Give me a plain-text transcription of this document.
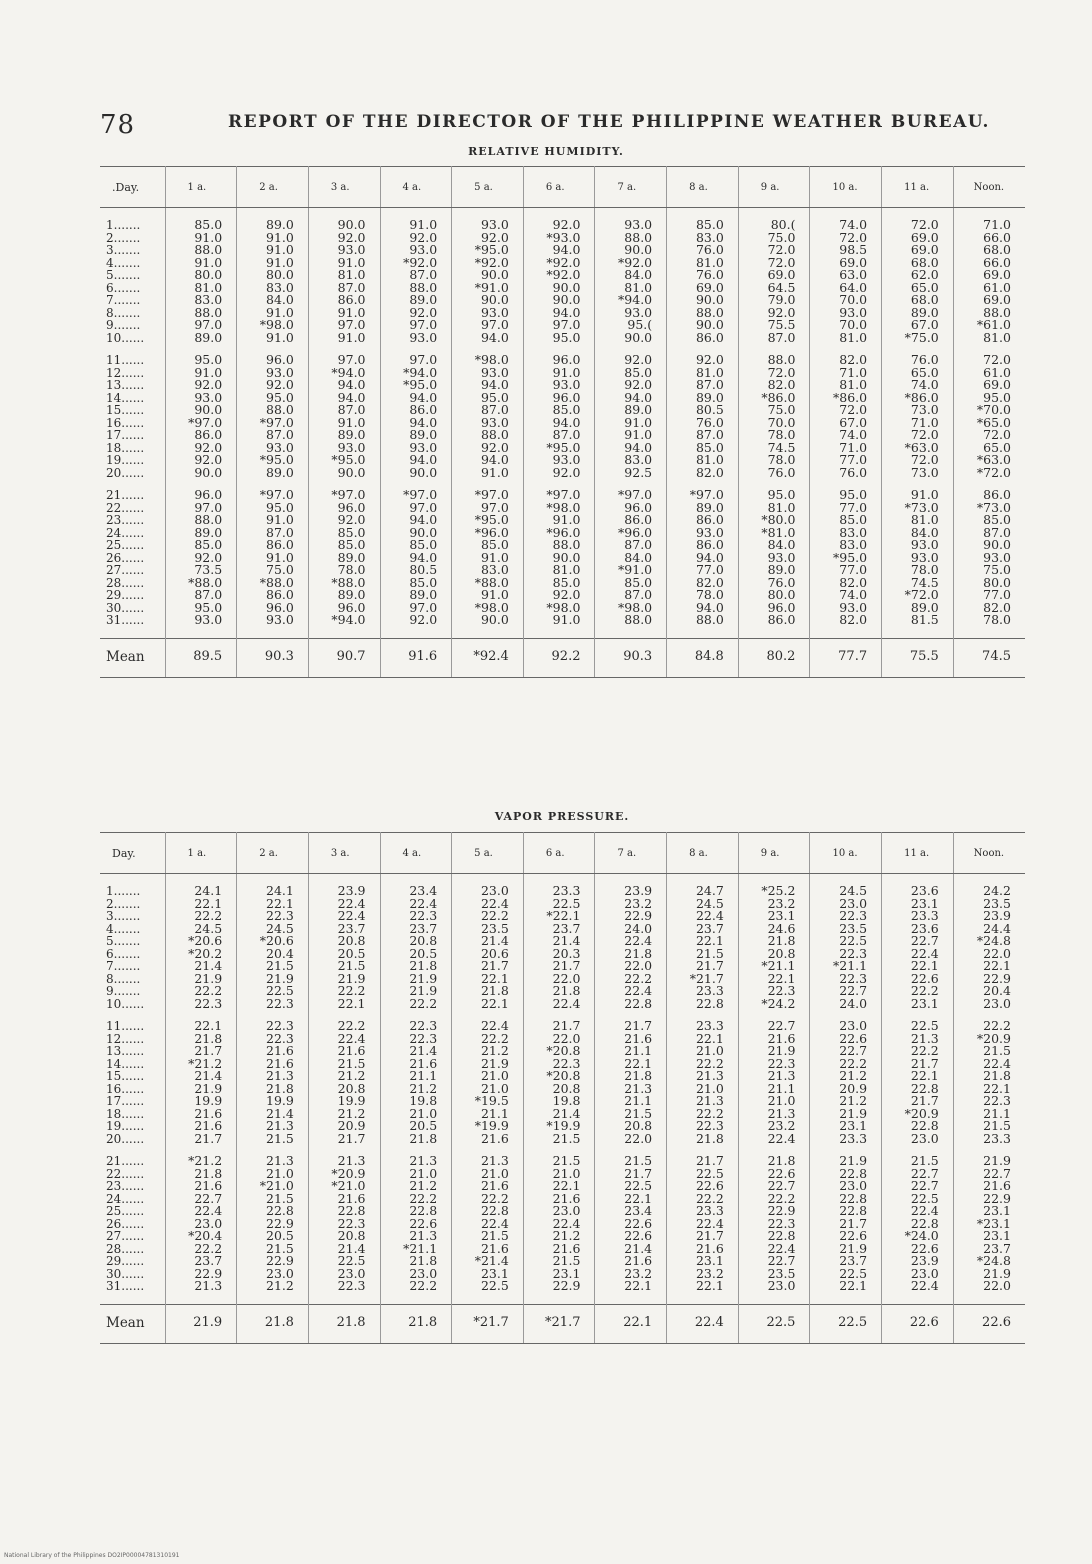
78	REPORT OF THE DIRECTOR OF THE PHILIPPINE WEATHER BUREAU.
RELATIVE HUMIDITY.
.Day.	1 a.	2 a.	3 a.	4 a.	5 a.	6 a.	7 a.	8 a.	9 a.	10 a.	11 a.	Noon.

1.......	85.0	89.0	90.0	91.0	93.0	92.0	93.0	85.0	80.(	74.0	72.0	71.0
2.......	91.0	91.0	92.0	92.0	92.0	*93.0	88.0	83.0	75.0	72.0	69.0	66.0
3.......	88.0	91.0	93.0	93.0	*95.0	94.0	90.0	76.0	72.0	98.5	69.0	68.0
4.......	91.0	91.0	91.0	*92.0	*92.0	*92.0	*92.0	81.0	72.0	69.0	68.0	66.0
5.......	80.0	80.0	81.0	87.0	90.0	*92.0	84.0	76.0	69.0	63.0	62.0	69.0
6.......	81.0	83.0	87.0	88.0	*91.0	90.0	81.0	69.0	64.5	64.0	65.0	61.0
7.......	83.0	84.0	86.0	89.0	90.0	90.0	*94.0	90.0	79.0	70.0	68.0	69.0
8.......	88.0	91.0	91.0	92.0	93.0	94.0	93.0	88.0	92.0	93.0	89.0	88.0
9.......	97.0	*98.0	97.0	97.0	97.0	97.0	95.(	90.0	75.5	70.0	67.0	*61.0
10......	89.0	91.0	91.0	93.0	94.0	95.0	90.0	86.0	87.0	81.0	*75.0	81.0

11......	95.0	96.0	97.0	97.0	*98.0	96.0	92.0	92.0	88.0	82.0	76.0	72.0
12......	91.0	93.0	*94.0	*94.0	93.0	91.0	85.0	81.0	72.0	71.0	65.0	61.0
13......	92.0	92.0	94.0	*95.0	94.0	93.0	92.0	87.0	82.0	81.0	74.0	69.0
14......	93.0	95.0	94.0	94.0	95.0	96.0	94.0	89.0	*86.0	*86.0	*86.0	95.0
15......	90.0	88.0	87.0	86.0	87.0	85.0	89.0	80.5	75.0	72.0	73.0	*70.0
16......	*97.0	*97.0	91.0	94.0	93.0	94.0	91.0	76.0	70.0	67.0	71.0	*65.0
17......	86.0	87.0	89.0	89.0	88.0	87.0	91.0	87.0	78.0	74.0	72.0	72.0
18......	92.0	93.0	93.0	93.0	92.0	*95.0	94.0	85.0	74.5	71.0	*63.0	65.0
19......	92.0	*95.0	*95.0	94.0	94.0	93.0	83.0	81.0	78.0	77.0	72.0	*63.0
20......	90.0	89.0	90.0	90.0	91.0	92.0	92.5	82.0	76.0	76.0	73.0	*72.0

21......	96.0	*97.0	*97.0	*97.0	*97.0	*97.0	*97.0	*97.0	95.0	95.0	91.0	86.0
22......	97.0	95.0	96.0	97.0	97.0	*98.0	96.0	89.0	81.0	77.0	*73.0	*73.0
23......	88.0	91.0	92.0	94.0	*95.0	91.0	86.0	86.0	*80.0	85.0	81.0	85.0
24......	89.0	87.0	85.0	90.0	*96.0	*96.0	*96.0	93.0	*81.0	83.0	84.0	87.0
25......	85.0	86.0	85.0	85.0	85.0	88.0	87.0	86.0	84.0	83.0	93.0	90.0
26......	92.0	91.0	89.0	94.0	91.0	90.0	84.0	94.0	93.0	*95.0	93.0	93.0
27......	73.5	75.0	78.0	80.5	83.0	81.0	*91.0	77.0	89.0	77.0	78.0	75.0
28......	*88.0	*88.0	*88.0	85.0	*88.0	85.0	85.0	82.0	76.0	82.0	74.5	80.0
29......	87.0	86.0	89.0	89.0	91.0	92.0	87.0	78.0	80.0	74.0	*72.0	77.0
30......	95.0	96.0	96.0	97.0	*98.0	*98.0	*98.0	94.0	96.0	93.0	89.0	82.0
31......	93.0	93.0	*94.0	92.0	90.0	91.0	88.0	88.0	86.0	82.0	81.5	78.0

Mean	89.5	90.3	90.7	91.6	*92.4	92.2	90.3	84.8	80.2	77.7	75.5	74.5
VAPOR PRESSURE.
Day.	1 a.	2 a.	3 a.	4 a.	5 a.	6 a.	7 a.	8 a.	9 a.	10 a.	11 a.	Noon.

1.......	24.1	24.1	23.9	23.4	23.0	23.3	23.9	24.7	*25.2	24.5	23.6	24.2
2.......	22.1	22.1	22.4	22.4	22.4	22.5	23.2	24.5	23.2	23.0	23.1	23.5
3.......	22.2	22.3	22.4	22.3	22.2	*22.1	22.9	22.4	23.1	22.3	23.3	23.9
4.......	24.5	24.5	23.7	23.7	23.5	23.7	24.0	23.7	24.6	23.5	23.6	24.4
5.......	*20.6	*20.6	20.8	20.8	21.4	21.4	22.4	22.1	21.8	22.5	22.7	*24.8
6.......	*20.2	20.4	20.5	20.5	20.6	20.3	21.8	21.5	20.8	22.3	22.4	22.0
7.......	21.4	21.5	21.5	21.8	21.7	21.7	22.0	21.7	*21.1	*21.1	22.1	22.1
8.......	21.9	21.9	21.9	21.9	22.1	22.0	22.2	*21.7	22.1	22.3	22.6	22.9
9.......	22.2	22.5	22.2	21.9	21.8	21.8	22.4	23.3	22.3	22.7	22.2	20.4
10......	22.3	22.3	22.1	22.2	22.1	22.4	22.8	22.8	*24.2	24.0	23.1	23.0

11......	22.1	22.3	22.2	22.3	22.4	21.7	21.7	23.3	22.7	23.0	22.5	22.2
12......	21.8	22.3	22.4	22.3	22.2	22.0	21.6	22.1	21.6	22.6	21.3	*20.9
13......	21.7	21.6	21.6	21.4	21.2	*20.8	21.1	21.0	21.9	22.7	22.2	21.5
14......	*21.2	21.6	21.5	21.6	21.9	22.3	22.1	22.2	22.3	22.2	21.7	22.4
15......	21.4	21.3	21.2	21.1	21.0	*20.8	21.8	21.3	21.3	21.2	22.1	21.8
16......	21.9	21.8	20.8	21.2	21.0	20.8	21.3	21.0	21.1	20.9	22.8	22.1
17......	19.9	19.9	19.9	19.8	*19.5	19.8	21.1	21.3	21.0	21.2	21.7	22.3
18......	21.6	21.4	21.2	21.0	21.1	21.4	21.5	22.2	21.3	21.9	*20.9	21.1
19......	21.6	21.3	20.9	20.5	*19.9	*19.9	20.8	22.3	23.2	23.1	22.8	21.5
20......	21.7	21.5	21.7	21.8	21.6	21.5	22.0	21.8	22.4	23.3	23.0	23.3

21......	*21.2	21.3	21.3	21.3	21.3	21.5	21.5	21.7	21.8	21.9	21.5	21.9
22......	21.8	21.0	*20.9	21.0	21.0	21.0	21.7	22.5	22.6	22.8	22.7	22.7
23......	21.6	*21.0	*21.0	21.2	21.6	22.1	22.5	22.6	22.7	23.0	22.7	21.6
24......	22.7	21.5	21.6	22.2	22.2	21.6	22.1	22.2	22.2	22.8	22.5	22.9
25......	22.4	22.8	22.8	22.8	22.8	23.0	23.4	23.3	22.9	22.8	22.4	23.1
26......	23.0	22.9	22.3	22.6	22.4	22.4	22.6	22.4	22.3	21.7	22.8	*23.1
27......	*20.4	20.5	20.8	21.3	21.5	21.2	22.6	21.7	22.8	22.6	*24.0	23.1
28......	22.2	21.5	21.4	*21.1	21.6	21.6	21.4	21.6	22.4	21.9	22.6	23.7
29......	23.7	22.9	22.5	21.8	*21.4	21.5	21.6	23.1	22.7	23.7	23.9	*24.8
30......	22.9	23.0	23.0	23.0	23.1	23.1	23.2	23.2	23.5	22.5	23.0	21.9
31......	21.3	21.2	22.3	22.2	22.5	22.9	22.1	22.1	23.0	22.1	22.4	22.0

Mean	21.9	21.8	21.8	21.8	*21.7	*21.7	22.1	22.4	22.5	22.5	22.6	22.6
National Library of the Philippines DO2IP00004781310191
